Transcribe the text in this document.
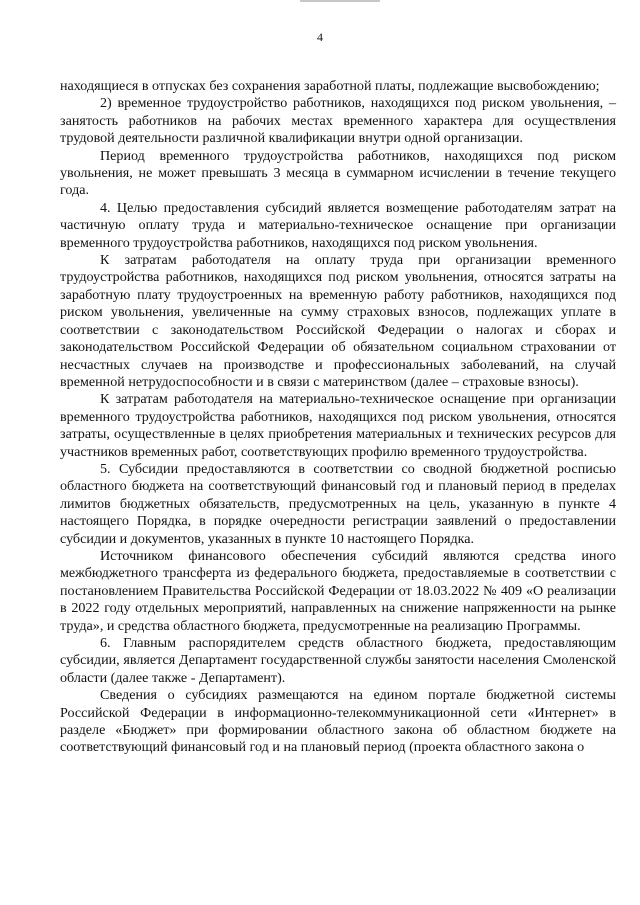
4

находящиеся в отпусках без сохранения заработной платы, подлежащие высвобождению;

2) временное трудоустройство работников, находящихся под риском увольнения, – занятость работников на рабочих местах временного характера для осуществления трудовой деятельности различной квалификации внутри одной организации.

Период временного трудоустройства работников, находящихся под риском увольнения, не может превышать 3 месяца в суммарном исчислении в течение текущего года.

4. Целью предоставления субсидий является возмещение работодателям затрат на частичную оплату труда и материально-техническое оснащение при организации временного трудоустройства работников, находящихся под риском увольнения.

К затратам работодателя на оплату труда при организации временного трудоустройства работников, находящихся под риском увольнения, относятся затраты на заработную плату трудоустроенных на временную работу работников, находящихся под риском увольнения, увеличенные на сумму страховых взносов, подлежащих уплате в соответствии с законодательством Российской Федерации о налогах и сборах и законодательством Российской Федерации об обязательном социальном страховании от несчастных случаев на производстве и профессиональных заболеваний, на случай временной нетрудоспособности и в связи с материнством (далее – страховые взносы).

К затратам работодателя на материально-техническое оснащение при организации временного трудоустройства работников, находящихся под риском увольнения, относятся затраты, осуществленные в целях приобретения материальных и технических ресурсов для участников временных работ, соответствующих профилю временного трудоустройства.

5. Субсидии предоставляются в соответствии со сводной бюджетной росписью областного бюджета на соответствующий финансовый год и плановый период в пределах лимитов бюджетных обязательств, предусмотренных на цель, указанную в пункте 4 настоящего Порядка, в порядке очередности регистрации заявлений о предоставлении субсидии и документов, указанных в пункте 10 настоящего Порядка.

Источником финансового обеспечения субсидий являются средства иного межбюджетного трансферта из федерального бюджета, предоставляемые в соответствии с постановлением Правительства Российской Федерации от 18.03.2022 № 409 «О реализации в 2022 году отдельных мероприятий, направленных на снижение напряженности на рынке труда», и средства областного бюджета, предусмотренные на реализацию Программы.

6. Главным распорядителем средств областного бюджета, предоставляющим субсидии, является Департамент государственной службы занятости населения Смоленской области (далее также - Департамент).

Сведения о субсидиях размещаются на едином портале бюджетной системы Российской Федерации в информационно-телекоммуникационной сети «Интернет» в разделе «Бюджет» при формировании областного закона об областном бюджете на соответствующий финансовый год и на плановый период (проекта областного закона о
